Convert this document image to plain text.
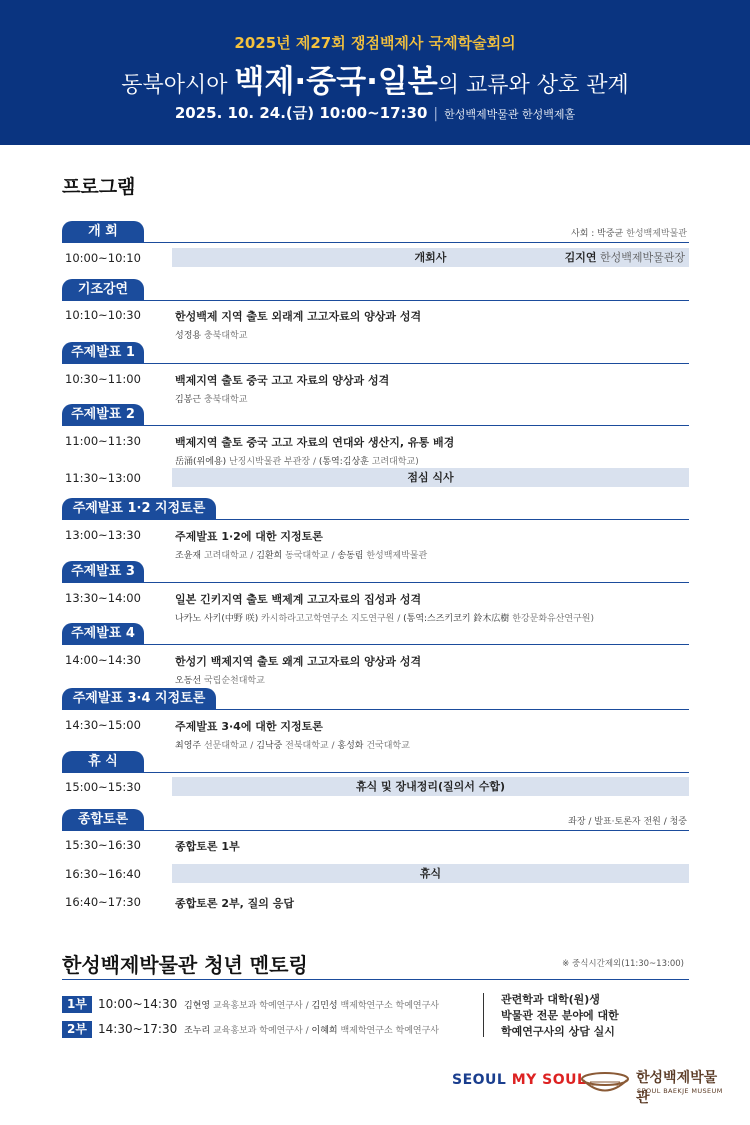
2025년 제27회 쟁점백제사 국제학술회의
동북아시아 백제·중국·일본의 교류와 상호 관계
2025. 10. 24.(금) 10:00~17:30 | 한성백제박물관 한성백제홀
프로그램
개 회	사회 : 박중균 한성백제박물관
10:00~10:10	개회사	김지연 한성백제박물관장
기조강연
10:10~10:30	한성백제 지역 출토 외래계 고고자료의 양상과 성격
성정용 충북대학교
주제발표 1
10:30~11:00	백제지역 출토 중국 고고 자료의 양상과 성격
김봉근 충북대학교
주제발표 2
11:00~11:30	백제지역 출토 중국 고고 자료의 연대와 생산지, 유통 배경
岳涌(위에용) 난징시박물관 부관장 / (통역:김상훈 고려대학교)
11:30~13:00	점심 식사
주제발표 1·2 지정토론
13:00~13:30	주제발표 1·2에 대한 지정토론
조윤재 고려대학교 / 김환희 동국대학교 / 송동림 한성백제박물관
주제발표 3
13:30~14:00	일본 긴키지역 출토 백제계 고고자료의 집성과 성격
나카노 사키(中野 咲) 카시하라고고학연구소 지도연구원 / (통역:스즈키코키 鈴木広樹 한강문화유산연구원)
주제발표 4
14:00~14:30	한성기 백제지역 출토 왜계 고고자료의 양상과 성격
오동선 국립순천대학교
주제발표 3·4 지정토론
14:30~15:00	주제발표 3·4에 대한 지정토론
최영주 선문대학교 / 김낙중 전북대학교 / 홍성화 건국대학교
휴 식
15:00~15:30	휴식 및 장내정리(질의서 수합)
종합토론	좌장 / 발표·토론자 전원 / 청중
15:30~16:30	종합토론 1부
16:30~16:40	휴식
16:40~17:30	종합토론 2부, 질의 응답
한성백제박물관 청년 멘토링	※ 중식시간제외(11:30~13:00)
1부 10:00~14:30 김현영 교육홍보과 학예연구사 / 김민성 백제학연구소 학예연구사
2부 14:30~17:30 조누리 교육홍보과 학예연구사 / 이혜희 백제학연구소 학예연구사
관련학과 대학(원)생
박물관 전문 분야에 대한
학예연구사의 상담 실시
SEOUL MY SOUL	한성백제박물관
SEOUL BAEKJE MUSEUM
